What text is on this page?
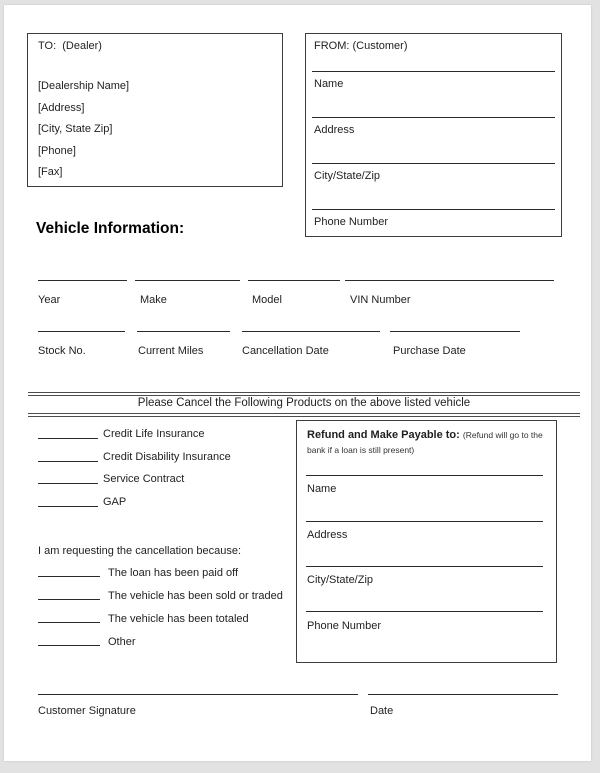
TO:  (Dealer)
[Dealership Name]
[Address]
[City, State Zip]
[Phone]
[Fax]
FROM: (Customer)
Name
Address
City/State/Zip
Phone Number
Vehicle Information:
Year	Make	Model	VIN Number
Stock No.	Current Miles	Cancellation Date	Purchase Date
Please Cancel the Following Products on the above listed vehicle
Credit Life Insurance
Credit Disability Insurance
Service Contract
GAP
Refund and Make Payable to: (Refund will go to the bank if a loan is still present)
Name
Address
City/State/Zip
Phone Number
I am requesting the cancellation because:
The loan has been paid off
The vehicle has been sold or traded
The vehicle has been totaled
Other
Customer Signature	Date
